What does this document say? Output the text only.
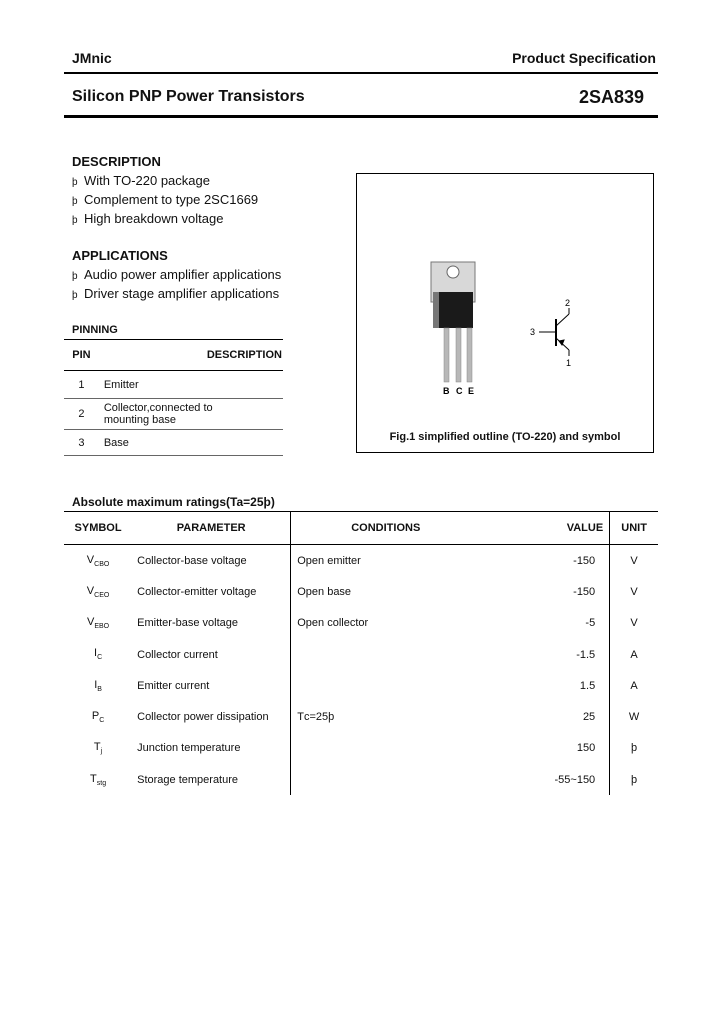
JMnic	Product Specification
Silicon PNP Power Transistors	2SA839
DESCRIPTION
þ With TO-220 package
þ Complement to type 2SC1669
þ High breakdown voltage
APPLICATIONS
þ Audio power amplifier applications
þ Driver stage amplifier applications
PINNING
PIN	DESCRIPTION
1	Emitter
2	Collector,connected to mounting base
3	Base
B C E
2
3
1
Fig.1 simplified outline (TO-220) and symbol
Absolute maximum ratings(Ta=25þ)
SYMBOL	PARAMETER	CONDITIONS	VALUE	UNIT
$V_{CBO}$	Collector-base voltage	Open emitter	-150	V
$V_{CEO}$	Collector-emitter voltage	Open base	-150	V
$V_{EBO}$	Emitter-base voltage	Open collector	-5	V
$I_C$	Collector current		-1.5	A
$I_B$	Emitter current		1.5	A
$P_C$	Collector power dissipation	Tᴄ=25þ	25	W
$T_j$	Junction temperature		150	þ
$T_{stg}$	Storage temperature		-55~150	þ
